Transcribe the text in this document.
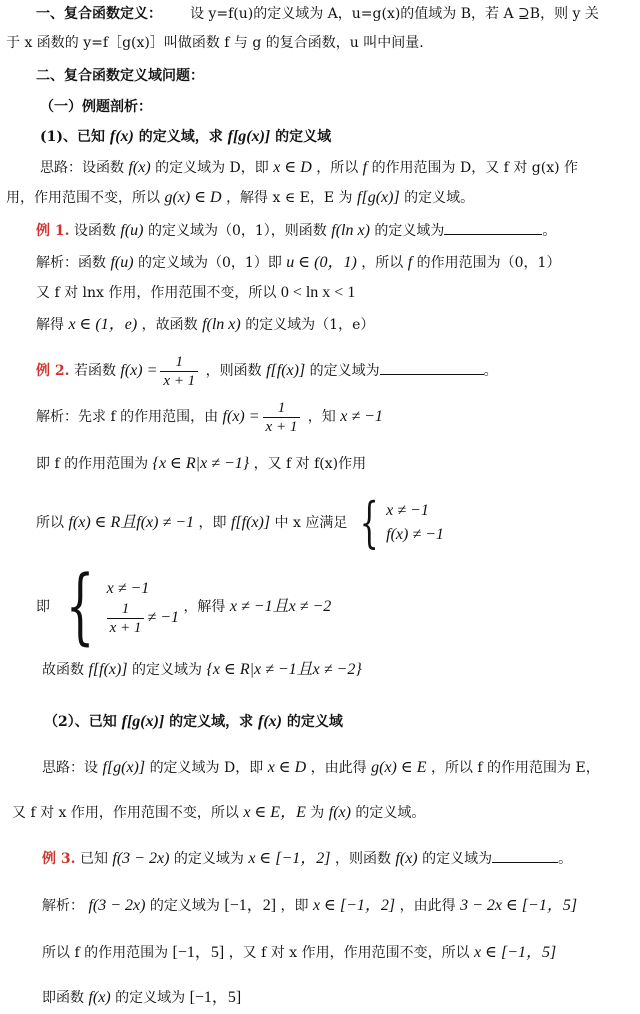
一、复合函数定义： 设 y=f(u)的定义域为 A，u=g(x)的值域为 B，若 A ⊇B，则 y 关
于 x 函数的 y=f［g(x)］叫做函数 f 与 g 的复合函数，u 叫中间量.
二、复合函数定义域问题：
（一）例题剖析：
(1)、已知 f(x) 的定义域，求 f[g(x)] 的定义域
思路：设函数 f(x) 的定义域为 D，即 x ∈ D ，所以 f 的作用范围为 D，又 f 对 g(x) 作
用，作用范围不变，所以 g(x) ∈ D ，解得 x ∈ E，E 为 f[g(x)] 的定义域。
例 1. 设函数 f(u) 的定义域为（0，1），则函数 f(ln x) 的定义域为	。
解析：函数 f(u) 的定义域为（0，1）即 u ∈ (0，1) ，所以 f 的作用范围为（0，1）
又 f 对 lnx 作用，作用范围不变，所以 0 < ln x < 1
解得 x ∈ (1，e) ，故函数 f(ln x) 的定义域为（1，e）
例 2. 若函数 $f(x) = \frac{1}{x + 1}$ ，则函数 f[f(x)] 的定义域为	。
解析：先求 f 的作用范围，由 $f(x) = \frac{1}{x + 1}$ ，知 x ≠ −1
即 f 的作用范围为 {x ∈ R|x ≠ −1} ，又 f 对 f(x)作用
所以 f(x) ∈ R且f(x) ≠ −1 ，即 f[f(x)] 中 x 应满足 { x ≠ −1
f(x) ≠ −1
即 { x ≠ −1
$\frac{1}{x + 1} \ne -1$
，解得 x ≠ −1且x ≠ −2
故函数 f[f(x)] 的定义域为 {x ∈ R|x ≠ −1且x ≠ −2}
（2）、已知 f[g(x)] 的定义域，求 f(x) 的定义域
思路：设 f[g(x)] 的定义域为 D，即 x ∈ D ，由此得 g(x) ∈ E ，所以 f 的作用范围为 E，
又 f 对 x 作用，作用范围不变，所以 x ∈ E，E 为 f(x) 的定义域。
例 3. 已知 f(3 − 2x) 的定义域为 x ∈ [−1，2] ，则函数 f(x) 的定义域为	。
解析： f(3 − 2x) 的定义域为 [−1，2] ，即 x ∈ [−1，2] ，由此得 3 − 2x ∈ [−1，5]
所以 f 的作用范围为 [−1，5] ，又 f 对 x 作用，作用范围不变，所以 x ∈ [−1，5]
即函数 f(x) 的定义域为 [−1，5]
